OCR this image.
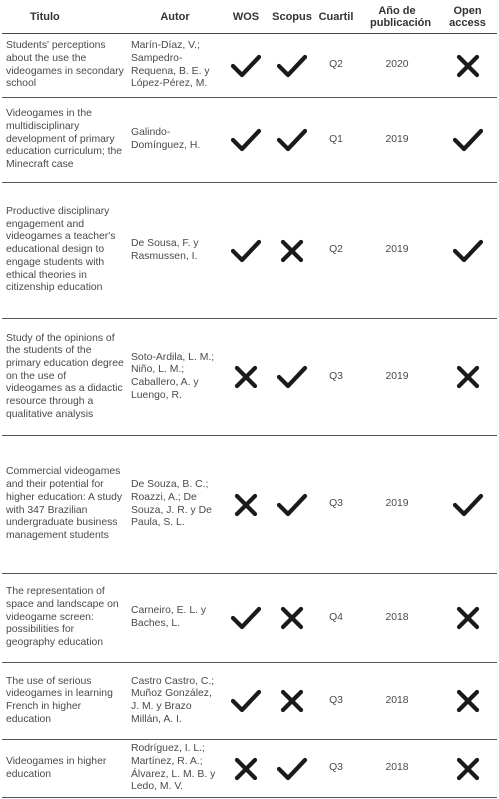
Titulo	Autor	WOS	Scopus	Cuartil	Año de publicación	Open access
Students' perceptions about the use the videogames in secondary school	Marín-Díaz, V.; Sampedro-Requena, B. E. y López-Pérez, M.			Q2	2020	

Videogames in the multidisciplinary development of primary education curriculum; the Minecraft case	Galindo-Domínguez, H.			Q1	2019	

Productive disciplinary engagement and videogames a teacher's educational design to engage students with ethical theories in citizenship education	De Sousa, F. y Rasmussen, I.			Q2	2019	

Study of the opinions of the students of the primary education degree on the use of videogames as a didactic resource through a qualitative analysis	Soto-Ardila, L. M.; Niño, L. M.; Caballero, A. y Luengo, R.			Q3	2019	

Commercial videogames and their potential for higher education: A study with 347 Brazilian undergraduate business management students	De Souza, B. C.; Roazzi, A.; De Souza, J. R. y De Paula, S. L.			Q3	2019	

The representation of space and landscape on videogame screen: possibilities for geography education	Carneiro, E. L. y Baches, L.			Q4	2018	

The use of serious videogames in learning French in higher education	Castro Castro, C.; Muñoz González, J. M. y Brazo Millán, A. I.			Q3	2018	

Videogames in higher education	Rodríguez, I. L.; Martínez, R. A.; Álvarez, L. M. B. y Ledo, M. V.			Q3	2018	
